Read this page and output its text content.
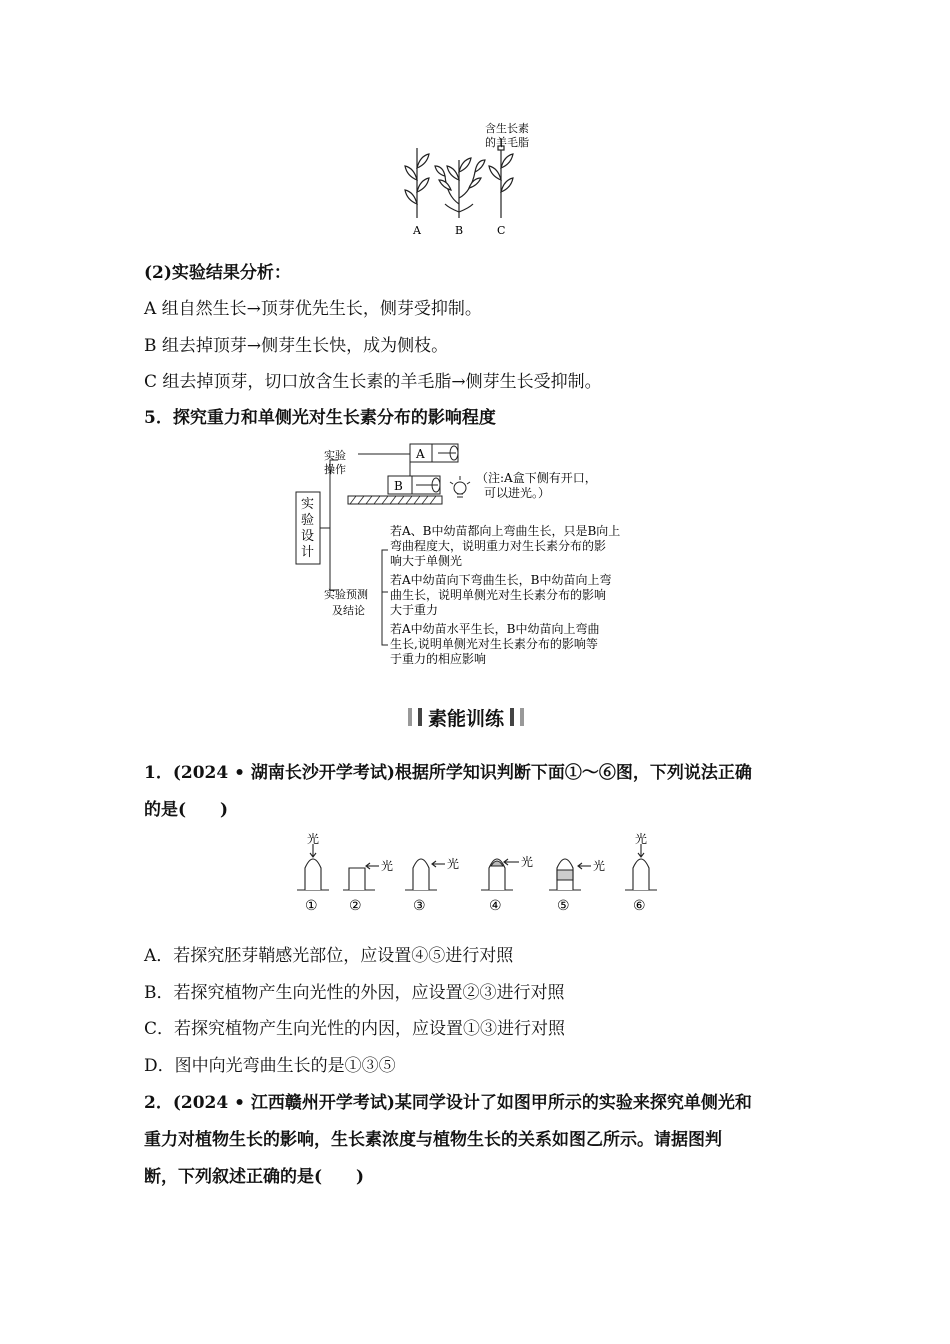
含生长素
的羊毛脂
A	B	C
(2)实验结果分析：
A 组自然生长→顶芽优先生长，侧芽受抑制。
B 组去掉顶芽→侧芽生长快，成为侧枝。
C 组去掉顶芽，切口放含生长素的羊毛脂→侧芽生长受抑制。
5．探究重力和单侧光对生长素分布的影响程度
实
验
设
计
实验
操作
A
B
（注:A盒下侧有开口，
可以进光。）
实验预测
及结论
若A、B中幼苗都向上弯曲生长，只是B向上
弯曲程度大，说明重力对生长素分布的影
响大于单侧光
若A中幼苗向下弯曲生长，B中幼苗向上弯
曲生长，说明单侧光对生长素分布的影响
大于重力
若A中幼苗水平生长，B中幼苗向上弯曲
生长,说明单侧光对生长素分布的影响等
于重力的相应影响
素能训练
1．(2024 • 湖南长沙开学考试)根据所学知识判断下面①～⑥图，下列说法正确
的是(　　)
光
光	光	光	光
光
① ②	③	④	⑤	⑥
A．若探究胚芽鞘感光部位，应设置④⑤进行对照
B．若探究植物产生向光性的外因，应设置②③进行对照
C．若探究植物产生向光性的内因，应设置①③进行对照
D．图中向光弯曲生长的是①③⑤
2．(2024 • 江西赣州开学考试)某同学设计了如图甲所示的实验来探究单侧光和
重力对植物生长的影响，生长素浓度与植物生长的关系如图乙所示。请据图判
断，下列叙述正确的是(　　)
